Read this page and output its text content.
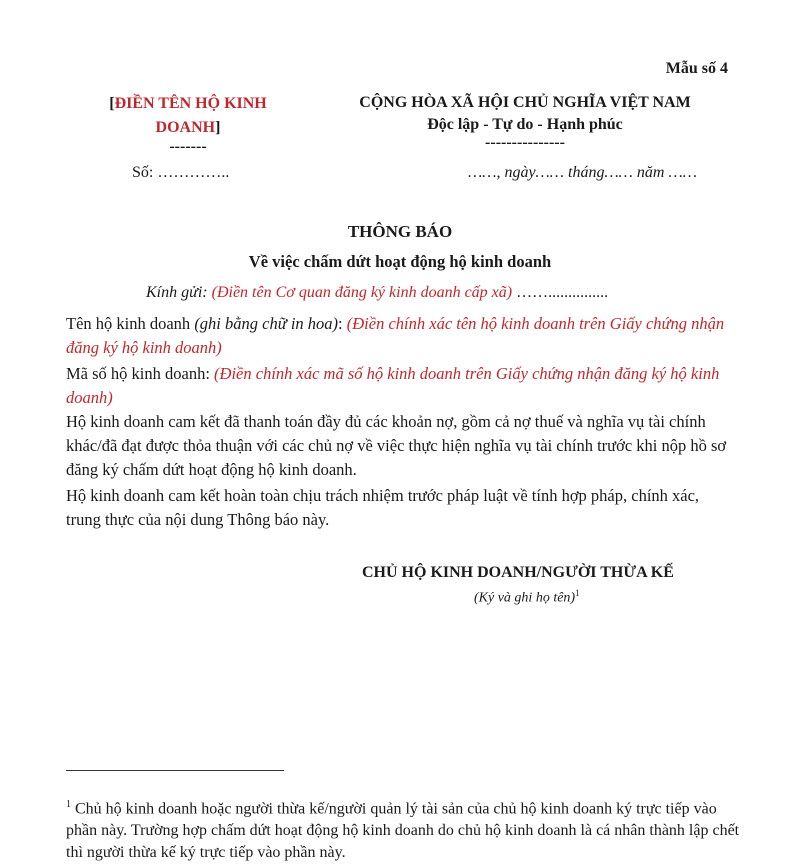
Mẫu số 4
[ĐIỀN TÊN HỘ KINH DOANH]
-------
CỘNG HÒA XÃ HỘI CHỦ NGHĨA VIỆT NAM
Độc lập - Tự do - Hạnh phúc
---------------
Số: …………..	……, ngày…… tháng…… năm ……
THÔNG BÁO
Về việc chấm dứt hoạt động hộ kinh doanh
Kính gửi: (Điền tên Cơ quan đăng ký kinh doanh cấp xã) ……...............
Tên hộ kinh doanh (ghi bằng chữ in hoa): (Điền chính xác tên hộ kinh doanh trên Giấy chứng nhận đăng ký hộ kinh doanh)
Mã số hộ kinh doanh: (Điền chính xác mã số hộ kinh doanh trên Giấy chứng nhận đăng ký hộ kinh doanh)
Hộ kinh doanh cam kết đã thanh toán đầy đủ các khoản nợ, gồm cả nợ thuế và nghĩa vụ tài chính khác/đã đạt được thỏa thuận với các chủ nợ về việc thực hiện nghĩa vụ tài chính trước khi nộp hồ sơ đăng ký chấm dứt hoạt động hộ kinh doanh.
Hộ kinh doanh cam kết hoàn toàn chịu trách nhiệm trước pháp luật về tính hợp pháp, chính xác, trung thực của nội dung Thông báo này.
CHỦ HỘ KINH DOANH/NGƯỜI THỪA KẾ
(Ký và ghi họ tên)$^1$
$^1$ Chủ hộ kinh doanh hoặc người thừa kế/người quản lý tài sản của chủ hộ kinh doanh ký trực tiếp vào phần này. Trường hợp chấm dứt hoạt động hộ kinh doanh do chủ hộ kinh doanh là cá nhân thành lập chết thì người thừa kế ký trực tiếp vào phần này.
